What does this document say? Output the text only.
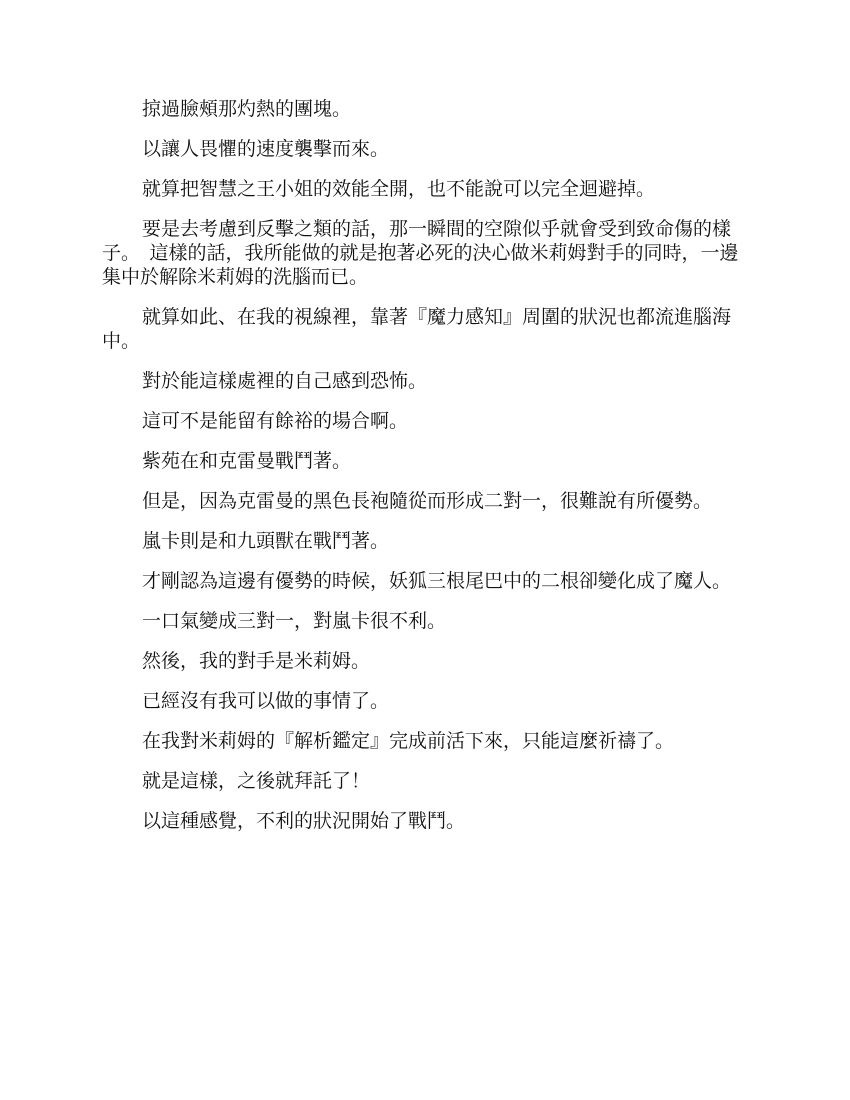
掠過臉頰那灼熱的團塊。

以讓人畏懼的速度襲擊而來。

就算把智慧之王小姐的效能全開，也不能說可以完全迴避掉。

要是去考慮到反擊之類的話，那一瞬間的空隙似乎就會受到致命傷的樣子。　這樣的話，我所能做的就是抱著必死的決心做米莉姆對手的同時，一邊集中於解除米莉姆的洗腦而已。

就算如此、在我的視線裡，靠著『魔力感知』周圍的狀況也都流進腦海中。

對於能這樣處裡的自己感到恐怖。

這可不是能留有餘裕的場合啊。

紫苑在和克雷曼戰鬥著。

但是，因為克雷曼的黑色長袍隨從而形成二對一，很難說有所優勢。

嵐卡則是和九頭獸在戰鬥著。

才剛認為這邊有優勢的時候，妖狐三根尾巴中的二根卻變化成了魔人。

一口氣變成三對一，對嵐卡很不利。

然後，我的對手是米莉姆。

已經沒有我可以做的事情了。

在我對米莉姆的『解析鑑定』完成前活下來，只能這麼祈禱了。

就是這樣，之後就拜託了！

以這種感覺，不利的狀況開始了戰鬥。
